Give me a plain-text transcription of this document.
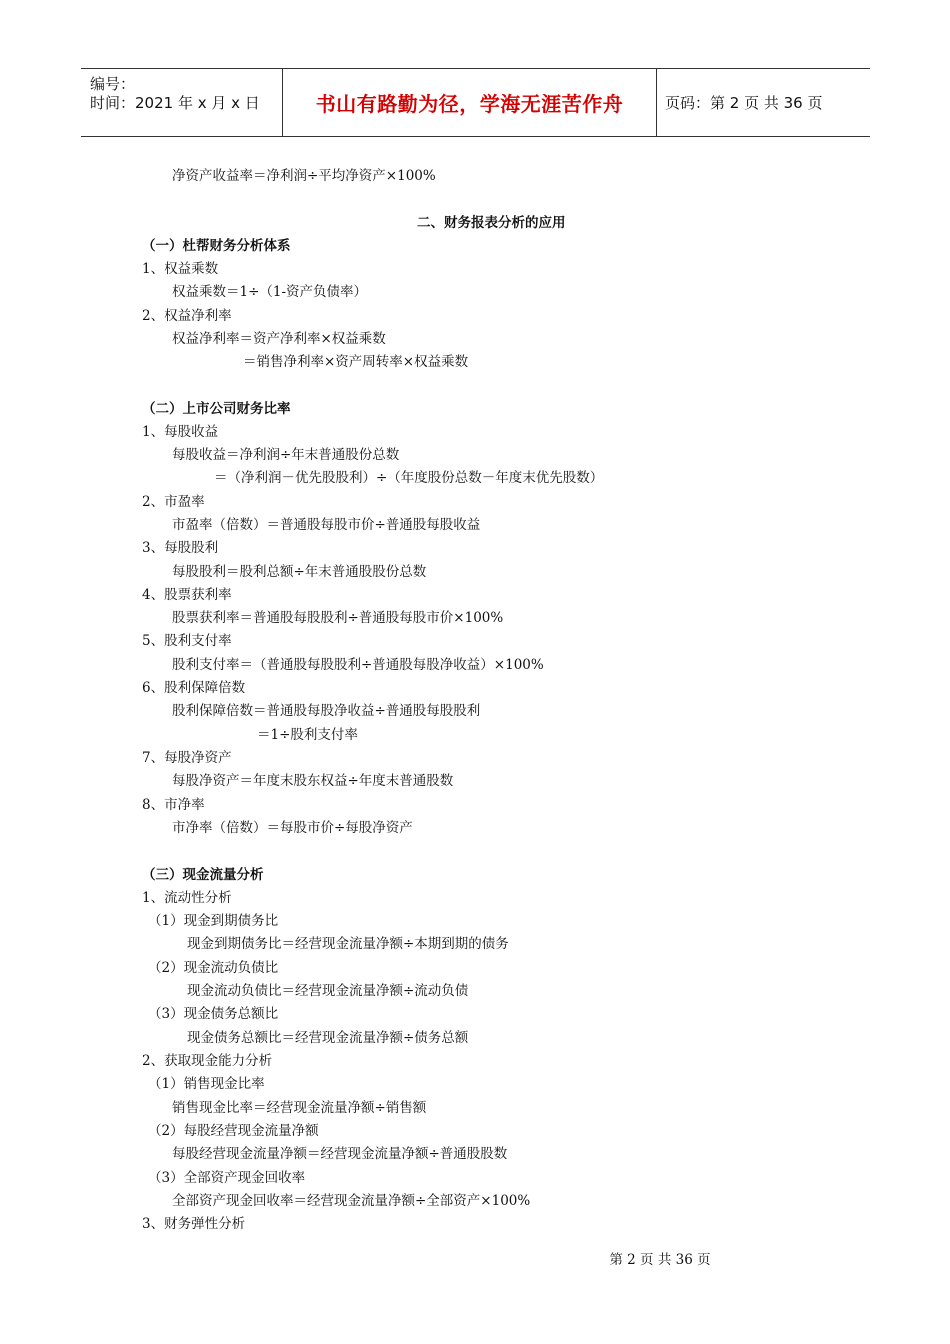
编号：
时间：2021 年 x 月 x 日	书山有路勤为径，学海无涯苦作舟	页码：第 2 页 共 36 页
净资产收益率＝净利润÷平均净资产×100%
二、财务报表分析的应用
（一）杜帮财务分析体系
1、权益乘数
权益乘数＝1÷（1-资产负债率）
2、权益净利率
权益净利率＝资产净利率×权益乘数
＝销售净利率×资产周转率×权益乘数
（二）上市公司财务比率
1、每股收益
每股收益＝净利润÷年末普通股份总数
＝（净利润－优先股股利）÷（年度股份总数－年度末优先股数）
2、市盈率
市盈率（倍数）＝普通股每股市价÷普通股每股收益
3、每股股利
每股股利＝股利总额÷年末普通股股份总数
4、股票获利率
股票获利率＝普通股每股股利÷普通股每股市价×100%
5、股利支付率
股利支付率＝（普通股每股股利÷普通股每股净收益）×100%
6、股利保障倍数
股利保障倍数＝普通股每股净收益÷普通股每股股利
＝1÷股利支付率
7、每股净资产
每股净资产＝年度末股东权益÷年度末普通股数
8、市净率
市净率（倍数）＝每股市价÷每股净资产
（三）现金流量分析
1、流动性分析
（1）现金到期债务比
现金到期债务比＝经营现金流量净额÷本期到期的债务
（2）现金流动负债比
现金流动负债比＝经营现金流量净额÷流动负债
（3）现金债务总额比
现金债务总额比＝经营现金流量净额÷债务总额
2、获取现金能力分析
（1）销售现金比率
销售现金比率＝经营现金流量净额÷销售额
（2）每股经营现金流量净额
每股经营现金流量净额＝经营现金流量净额÷普通股股数
（3）全部资产现金回收率
全部资产现金回收率＝经营现金流量净额÷全部资产×100%
3、财务弹性分析
第 2 页 共 36 页
